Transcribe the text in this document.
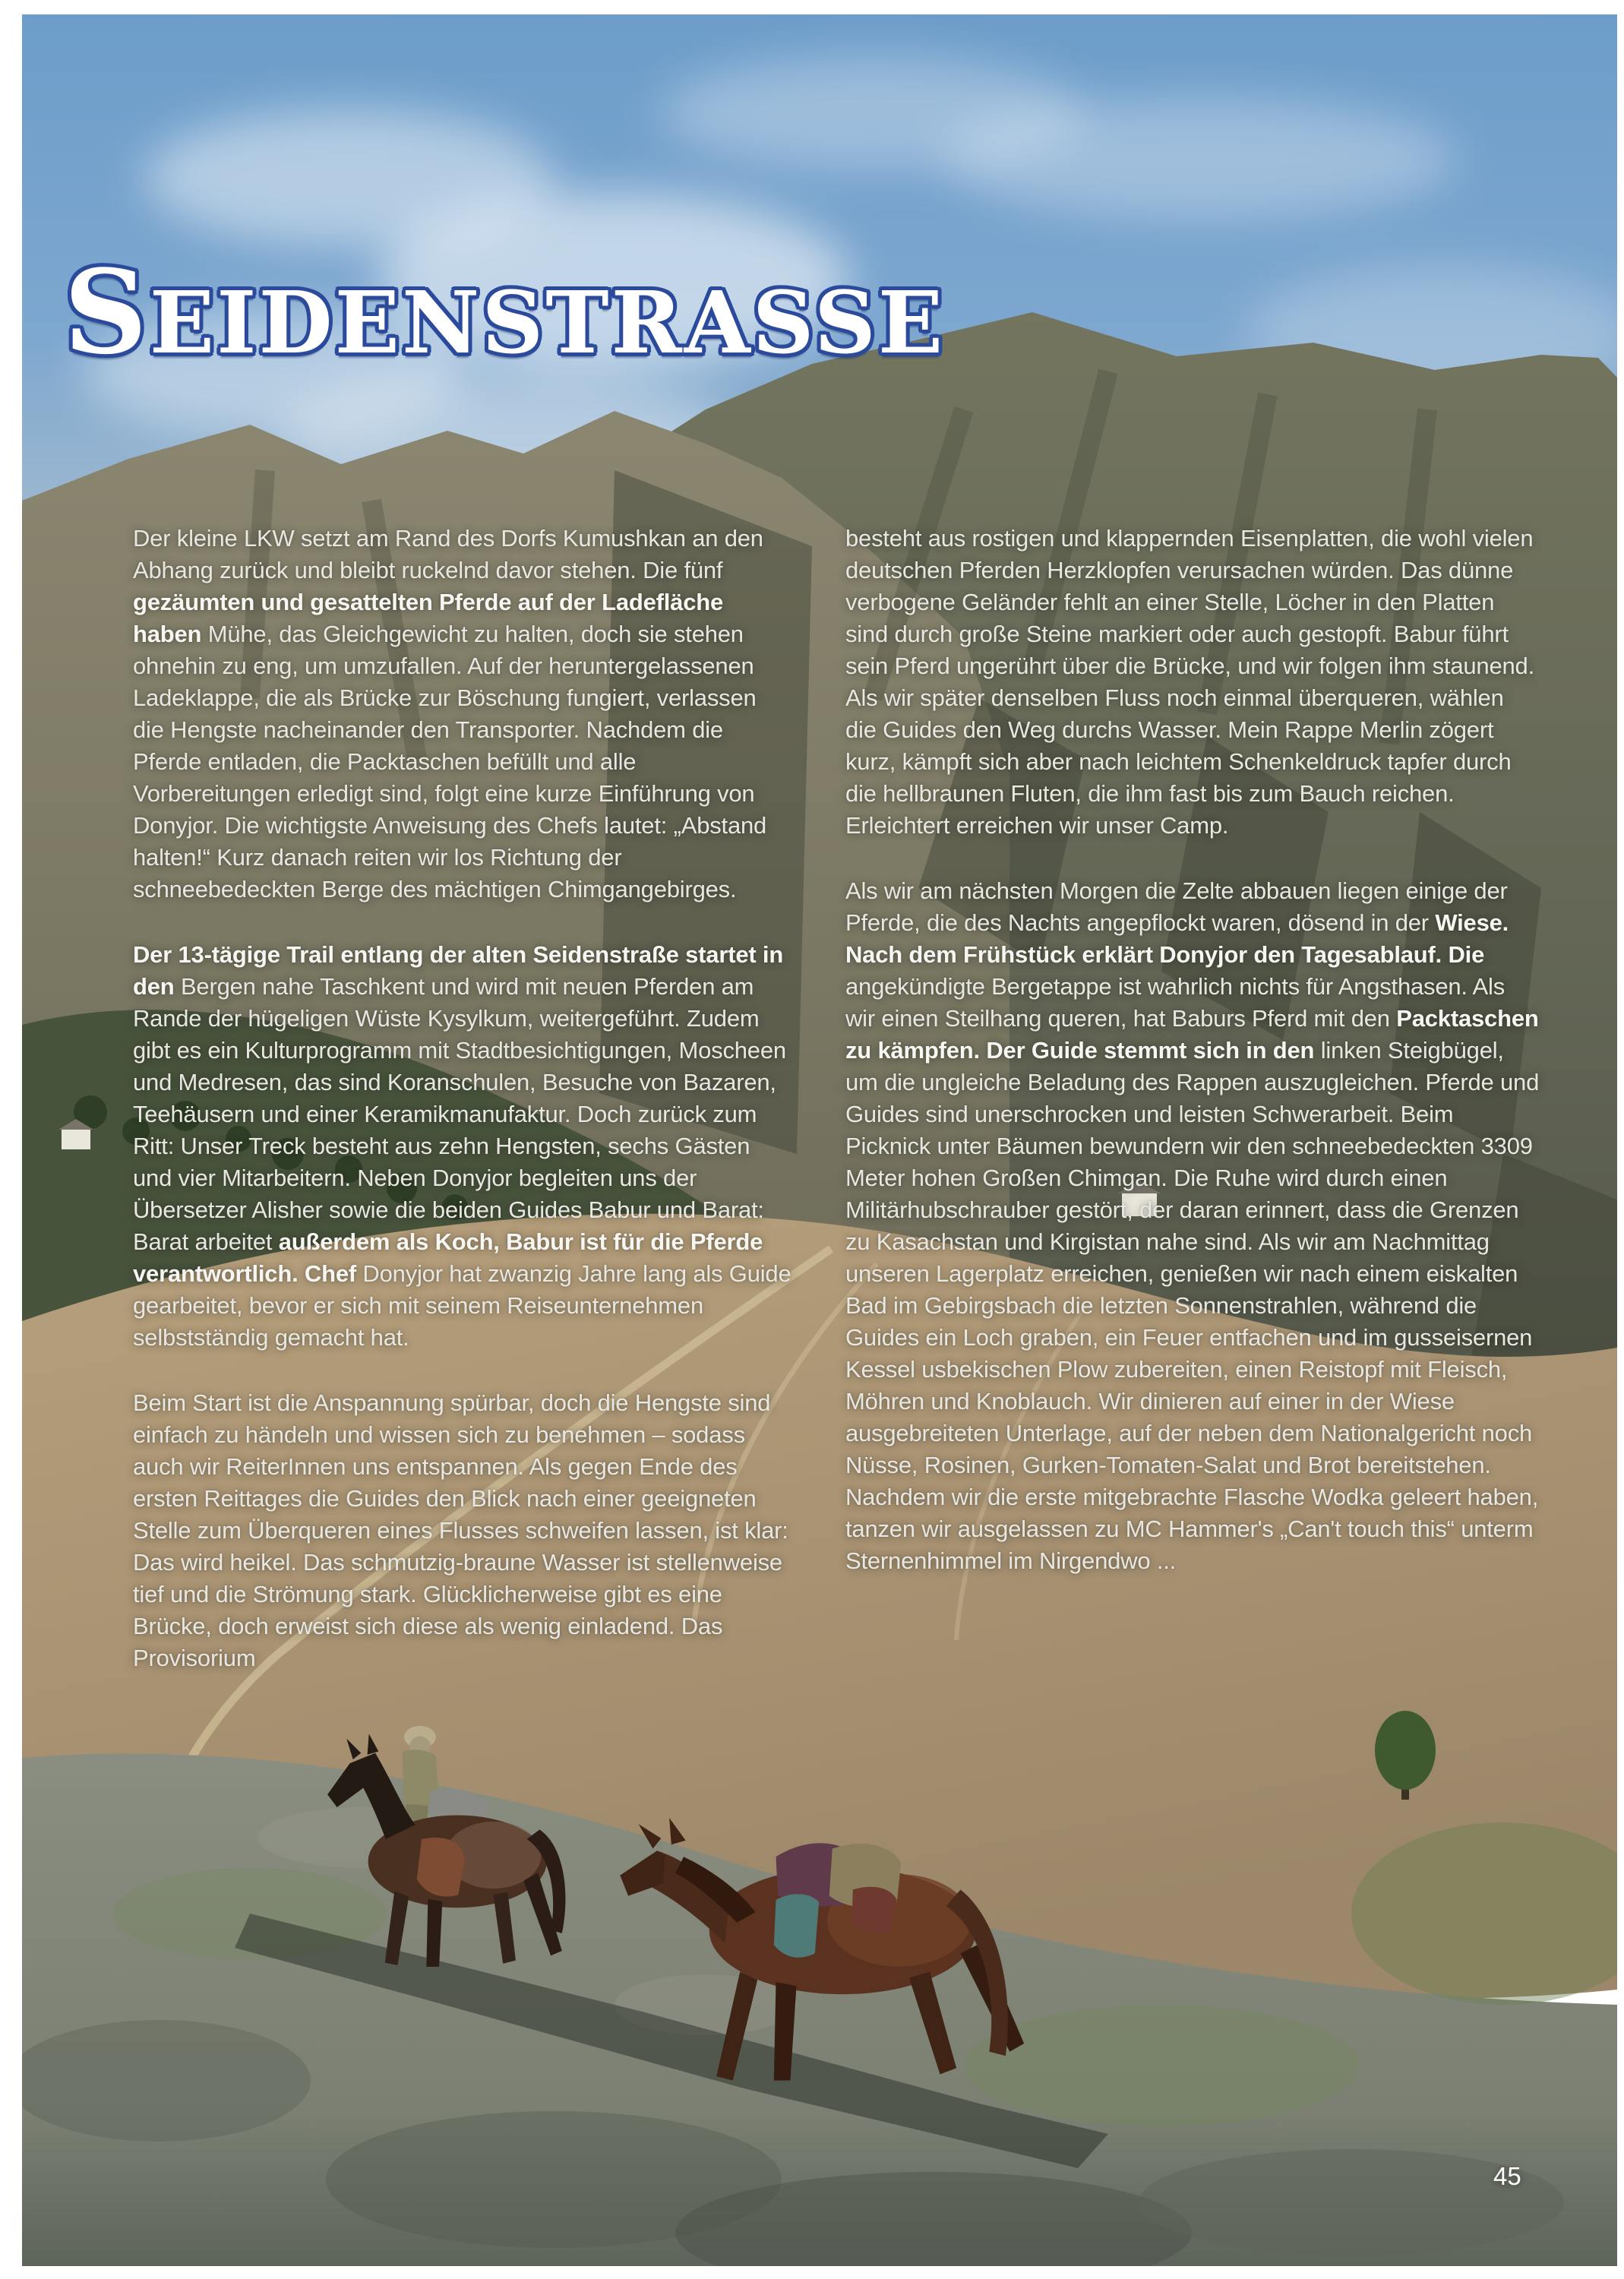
SEIDENSTRASSE

Der kleine LKW setzt am Rand des Dorfs Kumushkan an den Abhang zurück und bleibt ruckelnd davor stehen. Die fünf gezäumten und gesattelten Pferde auf der Ladefläche haben Mühe, das Gleichgewicht zu halten, doch sie stehen ohnehin zu eng, um umzufallen. Auf der heruntergelassenen Ladeklappe, die als Brücke zur Böschung fungiert, verlassen die Hengste nacheinander den Transporter. Nachdem die Pferde entladen, die Packtaschen befüllt und alle Vorbereitungen erledigt sind, folgt eine kurze Einführung von Donyjor. Die wichtigste Anweisung des Chefs lautet: „Abstand halten!“ Kurz danach reiten wir los Richtung der schneebedeckten Berge des mächtigen Chimgangebirges.

Der 13-tägige Trail entlang der alten Seidenstraße startet in den Bergen nahe Taschkent und wird mit neuen Pferden am Rande der hügeligen Wüste Kysylkum, weitergeführt. Zudem gibt es ein Kulturprogramm mit Stadtbesichtigungen, Moscheen und Medresen, das sind Koranschulen, Besuche von Bazaren, Teehäusern und einer Keramikmanufaktur. Doch zurück zum Ritt: Unser Treck besteht aus zehn Hengsten, sechs Gästen und vier Mitarbeitern. Neben Donyjor begleiten uns der Übersetzer Alisher sowie die beiden Guides Babur und Barat: Barat arbeitet außerdem als Koch, Babur ist für die Pferde verantwortlich. Chef Donyjor hat zwanzig Jahre lang als Guide gearbeitet, bevor er sich mit seinem Reiseunternehmen selbstständig gemacht hat.

Beim Start ist die Anspannung spürbar, doch die Hengste sind einfach zu händeln und wissen sich zu benehmen – sodass auch wir ReiterInnen uns entspannen. Als gegen Ende des ersten Reittages die Guides den Blick nach einer geeigneten Stelle zum Überqueren eines Flusses schweifen lassen, ist klar: Das wird heikel. Das schmutzig-braune Wasser ist stellenweise tief und die Strömung stark. Glücklicherweise gibt es eine Brücke, doch erweist sich diese als wenig einladend. Das Provisorium

besteht aus rostigen und klappernden Eisenplatten, die wohl vielen deutschen Pferden Herzklopfen verursachen würden. Das dünne verbogene Geländer fehlt an einer Stelle, Löcher in den Platten sind durch große Steine markiert oder auch gestopft. Babur führt sein Pferd ungerührt über die Brücke, und wir folgen ihm staunend. Als wir später denselben Fluss noch einmal überqueren, wählen die Guides den Weg durchs Wasser. Mein Rappe Merlin zögert kurz, kämpft sich aber nach leichtem Schenkeldruck tapfer durch die hellbraunen Fluten, die ihm fast bis zum Bauch reichen. Erleichtert erreichen wir unser Camp.

Als wir am nächsten Morgen die Zelte abbauen liegen einige der Pferde, die des Nachts angepflockt waren, dösend in der Wiese. Nach dem Frühstück erklärt Donyjor den Tagesablauf. Die angekündigte Bergetappe ist wahrlich nichts für Angsthasen. Als wir einen Steilhang queren, hat Baburs Pferd mit den Packtaschen zu kämpfen. Der Guide stemmt sich in den linken Steigbügel, um die ungleiche Beladung des Rappen auszugleichen. Pferde und Guides sind unerschrocken und leisten Schwerarbeit. Beim Picknick unter Bäumen bewundern wir den schneebedeckten 3309 Meter hohen Großen Chimgan. Die Ruhe wird durch einen Militärhubschrauber gestört, der daran erinnert, dass die Grenzen zu Kasachstan und Kirgistan nahe sind. Als wir am Nachmittag unseren Lagerplatz erreichen, genießen wir nach einem eiskalten Bad im Gebirgsbach die letzten Sonnenstrahlen, während die Guides ein Loch graben, ein Feuer entfachen und im gusseisernen Kessel usbekischen Plow zubereiten, einen Reistopf mit Fleisch, Möhren und Knoblauch. Wir dinieren auf einer in der Wiese ausgebreiteten Unterlage, auf der neben dem Nationalgericht noch Nüsse, Rosinen, Gurken-Tomaten-Salat und Brot bereitstehen. Nachdem wir die erste mitgebrachte Flasche Wodka geleert haben, tanzen wir ausgelassen zu MC Hammer's „Can't touch this“ unterm Sternenhimmel im Nirgendwo ...

45
